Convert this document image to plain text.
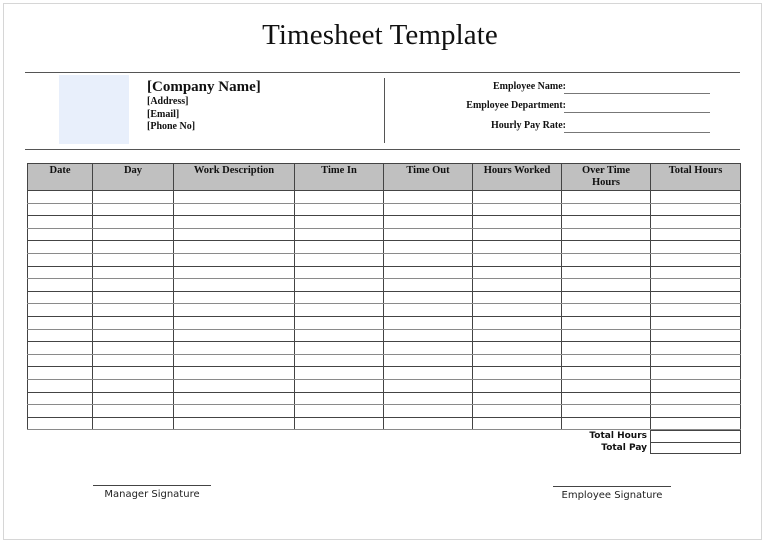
Timesheet Template
[Company Name]
[Address]
[Email]
[Phone No]
Employee Name:
Employee Department:
Hourly Pay Rate:
Date	Day	Work Description	Time In	Time Out	Hours Worked	Over Time Hours	Total Hours

Total Hours
Total Pay
Manager Signature	Employee Signature
